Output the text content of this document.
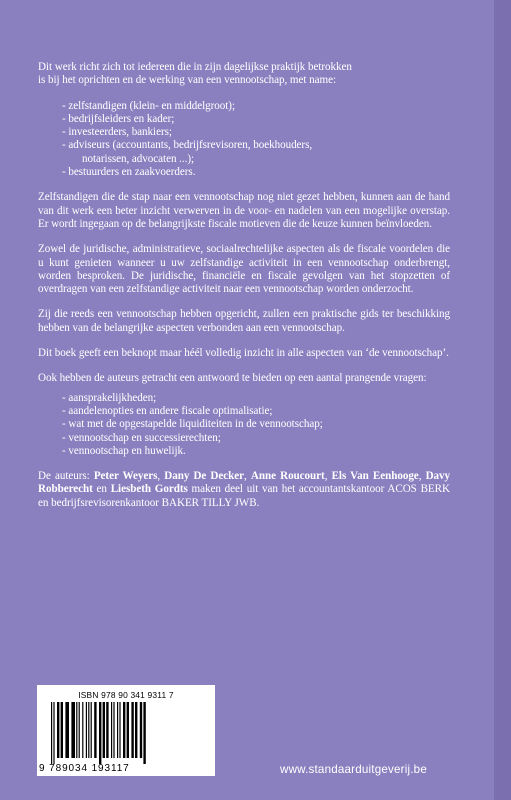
Dit werk richt zich tot iedereen die in zijn dagelijkse praktijk betrokken
is bij het oprichten en de werking van een vennootschap, met name:

- zelfstandigen (klein- en middelgroot);
- bedrijfsleiders en kader;
- investeerders, bankiers;
- adviseurs (accountants, bedrijfsrevisoren, boekhouders,
notarissen, advocaten ...);
- bestuurders en zaakvoerders.

Zelfstandigen die de stap naar een vennootschap nog niet gezet hebben, kunnen aan de hand van dit werk een beter inzicht verwerven in de voor- en nadelen van een mogelijke overstap. Er wordt ingegaan op de belangrijkste fiscale motieven die de keuze kunnen beïnvloeden.

Zowel de juridische, administratieve, sociaalrechtelijke aspecten als de fiscale voordelen die u kunt genieten wanneer u uw zelfstandige activiteit in een vennootschap onderbrengt, worden besproken. De juridische, financiële en fiscale gevolgen van het stopzetten of overdragen van een zelfstandige activiteit naar een vennootschap worden onderzocht.

Zij die reeds een vennootschap hebben opgericht, zullen een praktische gids ter beschikking hebben van de belangrijke aspecten verbonden aan een vennootschap.

Dit boek geeft een beknopt maar héél volledig inzicht in alle aspecten van ‘de vennootschap’.

Ook hebben de auteurs getracht een antwoord te bieden op een aantal prangende vragen:

- aansprakelijkheden;
- aandelenopties en andere fiscale optimalisatie;
- wat met de opgestapelde liquiditeiten in de vennootschap;
- vennootschap en successierechten;
- vennootschap en huwelijk.

De auteurs: Peter Weyers, Dany De Decker, Anne Roucourt, Els Van Eenhooge, Davy Robberecht en Liesbeth Gordts maken deel uit van het accountantskantoor ACOS BERK en bedrijfsrevisorenkantoor BAKER TILLY JWB.

ISBN 978 90 341 9311 7
9 789034 193117	www.standaarduitgeverij.be
